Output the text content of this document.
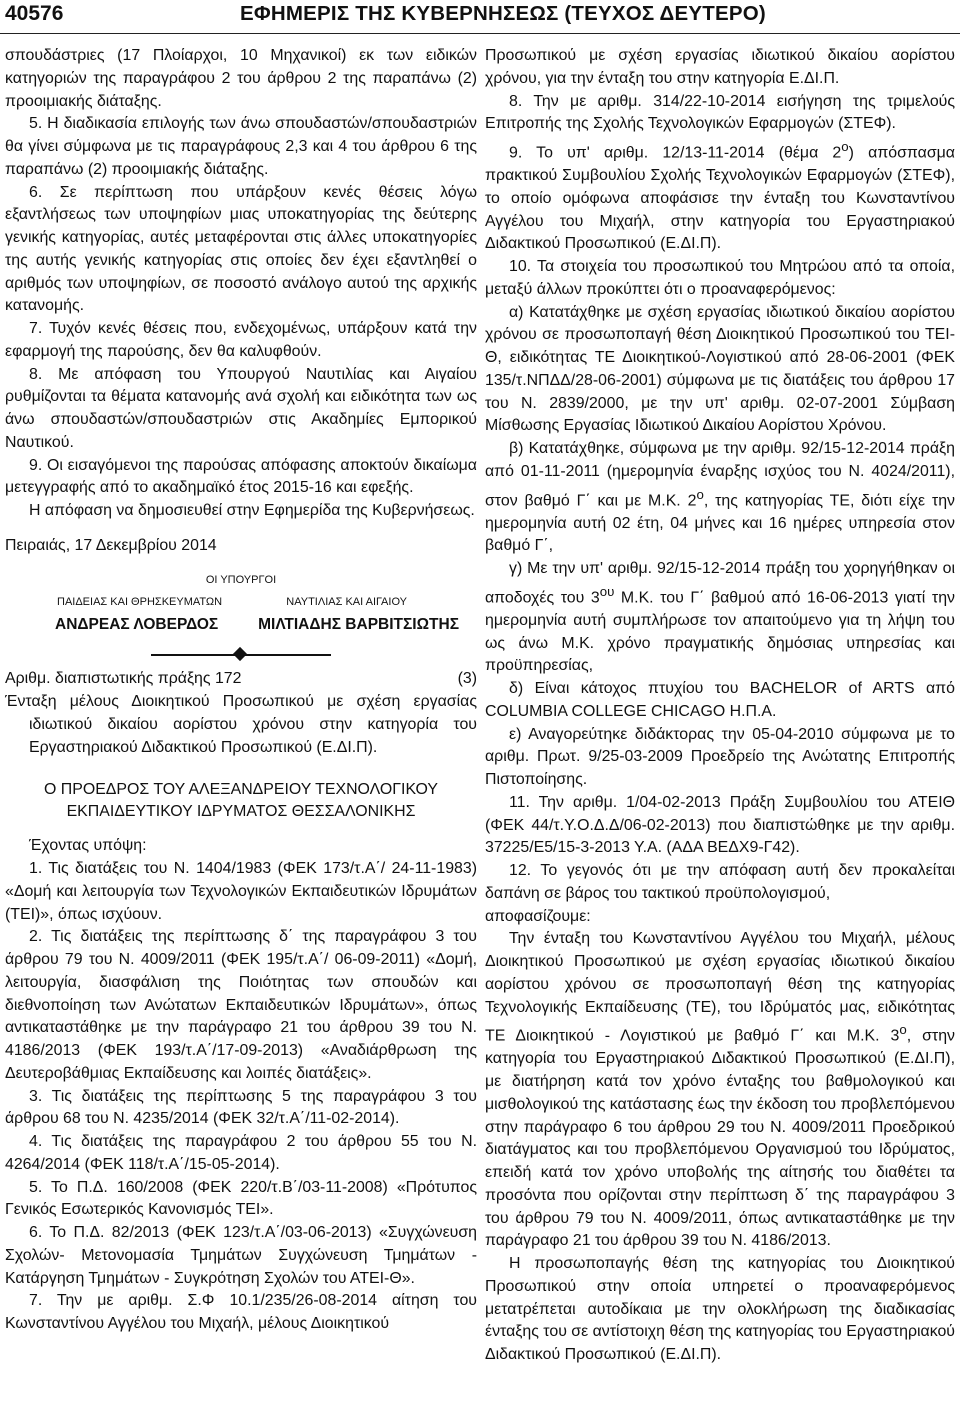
40576	ΕΦΗΜΕΡΙΣ ΤΗΣ ΚΥΒΕΡΝΗΣΕΩΣ (ΤΕΥΧΟΣ ΔΕΥΤΕΡΟ)

σπουδάστριες (17 Πλοίαρχοι, 10 Μηχανικοί) εκ των ειδικών κατηγοριών της παραγράφου 2 του άρθρου 2 της παραπάνω (2) προοιμιακής διάταξης.

5. Η διαδικασία επιλογής των άνω σπουδαστών/σπουδαστριών θα γίνει σύμφωνα με τις παραγράφους 2,3 και 4 του άρθρου 6 της παραπάνω (2) προοιμιακής διάταξης.

6. Σε περίπτωση που υπάρξουν κενές θέσεις λόγω εξαντλήσεως των υποψηφίων μιας υποκατηγορίας της δεύτερης γενικής κατηγορίας, αυτές μεταφέρονται στις άλλες υποκατηγορίες της αυτής γενικής κατηγορίας στις οποίες δεν έχει εξαντληθεί ο αριθμός των υποψηφίων, σε ποσοστό ανάλογο αυτού της αρχικής κατανομής.

7. Τυχόν κενές θέσεις που, ενδεχομένως, υπάρξουν κατά την εφαρμογή της παρούσης, δεν θα καλυφθούν.

8. Με απόφαση του Υπουργού Ναυτιλίας και Αιγαίου ρυθμίζονται τα θέματα κατανομής ανά σχολή και ειδικότητα των ως άνω σπουδαστών/σπουδαστριών στις Ακαδημίες Εμπορικού Ναυτικού.

9. Οι εισαγόμενοι της παρούσας απόφασης αποκτούν δικαίωμα μετεγγραφής από το ακαδημαϊκό έτος 2015-16 και εφεξής.

Η απόφαση να δημοσιευθεί στην Εφημερίδα της Κυβερνήσεως.

Πειραιάς, 17 Δεκεμβρίου 2014

ΟΙ ΥΠΟΥΡΓΟΙ
ΠΑΙΔΕΙΑΣ ΚΑΙ ΘΡΗΣΚΕΥΜΑΤΩΝ	ΝΑΥΤΙΛΙΑΣ ΚΑΙ ΑΙΓΑΙΟΥ
ΑΝΔΡΕΑΣ ΛΟΒΕΡΔΟΣ	ΜΙΛΤΙΑΔΗΣ ΒΑΡΒΙΤΣΙΩΤΗΣ
Αριθμ. διαπιστωτικής πράξης 172	(3)

Ένταξη μέλους Διοικητικού Προσωπικού με σχέση εργασίας ιδιωτικού δικαίου αορίστου χρόνου στην κατηγορία του Εργαστηριακού Διδακτικού Προσωπικού (Ε.ΔΙ.Π).

Ο ΠΡΟΕΔΡΟΣ ΤΟΥ ΑΛΕΞΑΝΔΡΕΙΟΥ ΤΕΧΝΟΛΟΓΙΚΟΥ
ΕΚΠΑΙΔΕΥΤΙΚΟΥ ΙΔΡΥΜΑΤΟΣ ΘΕΣΣΑΛΟΝΙΚΗΣ

Έχοντας υπόψη:

1. Τις διατάξεις του Ν. 1404/1983 (ΦΕΚ 173/τ.Α΄/ 24-11-1983) «Δομή και λειτουργία των Τεχνολογικών Εκπαιδευτικών Ιδρυμάτων (ΤΕΙ)», όπως ισχύουν.

2. Τις διατάξεις της περίπτωσης δ΄ της παραγράφου 3 του άρθρου 79 του Ν. 4009/2011 (ΦΕΚ 195/τ.Α΄/ 06-09-2011) «Δομή, λειτουργία, διασφάλιση της Ποιότητας των σπουδών και διεθνοποίηση των Ανώτατων Εκπαιδευτικών Ιδρυμάτων», όπως αντικαταστάθηκε με την παράγραφο 21 του άρθρου 39 του Ν. 4186/2013 (ΦΕΚ 193/τ.Α΄/17-09-2013) «Αναδιάρθρωση της Δευτεροβάθμιας Εκπαίδευσης και λοιπές διατάξεις».

3. Τις διατάξεις της περίπτωσης 5 της παραγράφου 3 του άρθρου 68 του Ν. 4235/2014 (ΦΕΚ 32/τ.Α΄/11-02-2014).

4. Τις διατάξεις της παραγράφου 2 του άρθρου 55 του Ν. 4264/2014 (ΦΕΚ 118/τ.Α΄/15-05-2014).

5. Το Π.Δ. 160/2008 (ΦΕΚ 220/τ.Β΄/03-11-2008) «Πρότυπος Γενικός Εσωτερικός Κανονισμός ΤΕΙ».

6. Το Π.Δ. 82/2013 (ΦΕΚ 123/τ.Α΄/03-06-2013) «Συγχώνευση Σχολών- Μετονομασία Τμημάτων Συγχώνευση Τμημάτων - Κατάργηση Τμημάτων - Συγκρότηση Σχολών του ΑΤΕΙ-Θ».

7. Την με αριθμ. Σ.Φ 10.1/235/26-08-2014 αίτηση του Κωνσταντίνου Αγγέλου του Μιχαήλ, μέλους Διοικητικού

Προσωπικού με σχέση εργασίας ιδιωτικού δικαίου αορίστου χρόνου, για την ένταξη του στην κατηγορία Ε.ΔΙ.Π.

8. Την με αριθμ. 314/22-10-2014 εισήγηση της τριμελούς Επιτροπής της Σχολής Τεχνολογικών Εφαρμογών (ΣΤΕΦ).

9. Το υπ' αριθμ. 12/13-11-2014 (θέμα $2^o$) απόσπασμα πρακτικού Συμβουλίου Σχολής Τεχνολογικών Εφαρμογών (ΣΤΕΦ), το οποίο ομόφωνα αποφάσισε την ένταξη του Κωνσταντίνου Αγγέλου του Μιχαήλ, στην κατηγορία του Εργαστηριακού Διδακτικού Προσωπικού (Ε.ΔΙ.Π).

10. Τα στοιχεία του προσωπικού του Μητρώου από τα οποία, μεταξύ άλλων προκύπτει ότι ο προαναφερόμενος:

α) Κατατάχθηκε με σχέση εργασίας ιδιωτικού δικαίου αορίστου χρόνου σε προσωποπαγή θέση Διοικητικού Προσωπικού του ΤΕΙ-Θ, ειδικότητας ΤΕ Διοικητικού-Λογιστικού από 28-06-2001 (ΦΕΚ 135/τ.ΝΠΔΔ/28-06-2001) σύμφωνα με τις διατάξεις του άρθρου 17 του Ν. 2839/2000, με την υπ' αριθμ. 02-07-2001 Σύμβαση Μίσθωσης Εργασίας Ιδιωτικού Δικαίου Αορίστου Χρόνου.

β) Κατατάχθηκε, σύμφωνα με την αριθμ. 92/15-12-2014 πράξη από 01-11-2011 (ημερομηνία έναρξης ισχύος του Ν. 4024/2011), στον βαθμό Γ΄ και με Μ.Κ. $2^o$, της κατηγορίας ΤΕ, διότι είχε την ημερομηνία αυτή 02 έτη, 04 μήνες και 16 ημέρες υπηρεσία στον βαθμό Γ΄,

γ) Με την υπ' αριθμ. 92/15-12-2014 πράξη του χορηγήθηκαν οι αποδοχές του $3^{o\upsilon}$ Μ.Κ. του Γ΄ βαθμού από 16-06-2013 γιατί την ημερομηνία αυτή συμπλήρωσε τον απαιτούμενο για τη λήψη του ως άνω Μ.Κ. χρόνο πραγματικής δημόσιας υπηρεσίας και προϋπηρεσίας,

δ) Είναι κάτοχος πτυχίου του BACHELOR of ARTS από COLUMBIA COLLEGE CHICAGO Η.Π.Α.

ε) Αναγορεύτηκε διδάκτορας την 05-04-2010 σύμφωνα με το αριθμ. Πρωτ. 9/25-03-2009 Προεδρείο της Ανώτατης Επιτροπής Πιστοποίησης.

11. Την αριθμ. 1/04-02-2013 Πράξη Συμβουλίου του ΑΤΕΙΘ (ΦΕΚ 44/τ.Υ.Ο.Δ.Δ/06-02-2013) που διαπιστώθηκε με την αριθμ. 37225/Ε5/15-3-2013 Υ.Α. (ΑΔΑ ΒΕΔΧ9-Γ42).

12. Το γεγονός ότι με την απόφαση αυτή δεν προκαλείται δαπάνη σε βάρος του τακτικού προϋπολογισμού,

αποφασίζουμε:

Την ένταξη του Κωνσταντίνου Αγγέλου του Μιχαήλ, μέλους Διοικητικού Προσωπικού με σχέση εργασίας ιδιωτικού δικαίου αορίστου χρόνου σε προσωποπαγή θέση της κατηγορίας Τεχνολογικής Εκπαίδευσης (ΤΕ), του Ιδρύματός μας, ειδικότητας ΤΕ Διοικητικού - Λογιστικού με βαθμό Γ΄ και Μ.Κ. $3^o$, στην κατηγορία του Εργαστηριακού Διδακτικού Προσωπικού (Ε.ΔΙ.Π), με διατήρηση κατά τον χρόνο ένταξης του βαθμολογικού και μισθολογικού της κατάστασης έως την έκδοση του προβλεπόμενου στην παράγραφο 6 του άρθρου 29 του Ν. 4009/2011 Προεδρικού διατάγματος και του προβλεπόμενου Οργανισμού του Ιδρύματος, επειδή κατά τον χρόνο υποβολής της αίτησής του διαθέτει τα προσόντα που ορίζονται στην περίπτωση δ΄ της παραγράφου 3 του άρθρου 79 του Ν. 4009/2011, όπως αντικαταστάθηκε με την παράγραφο 21 του άρθρου 39 του Ν. 4186/2013.

Η προσωποπαγής θέση της κατηγορίας του Διοικητικού Προσωπικού στην οποία υπηρετεί ο προαναφερόμενος μετατρέπεται αυτοδίκαια με την ολοκλήρωση της διαδικασίας ένταξης του σε αντίστοιχη θέση της κατηγορίας του Εργαστηριακού Διδακτικού Προσωπικού (Ε.ΔΙ.Π).
